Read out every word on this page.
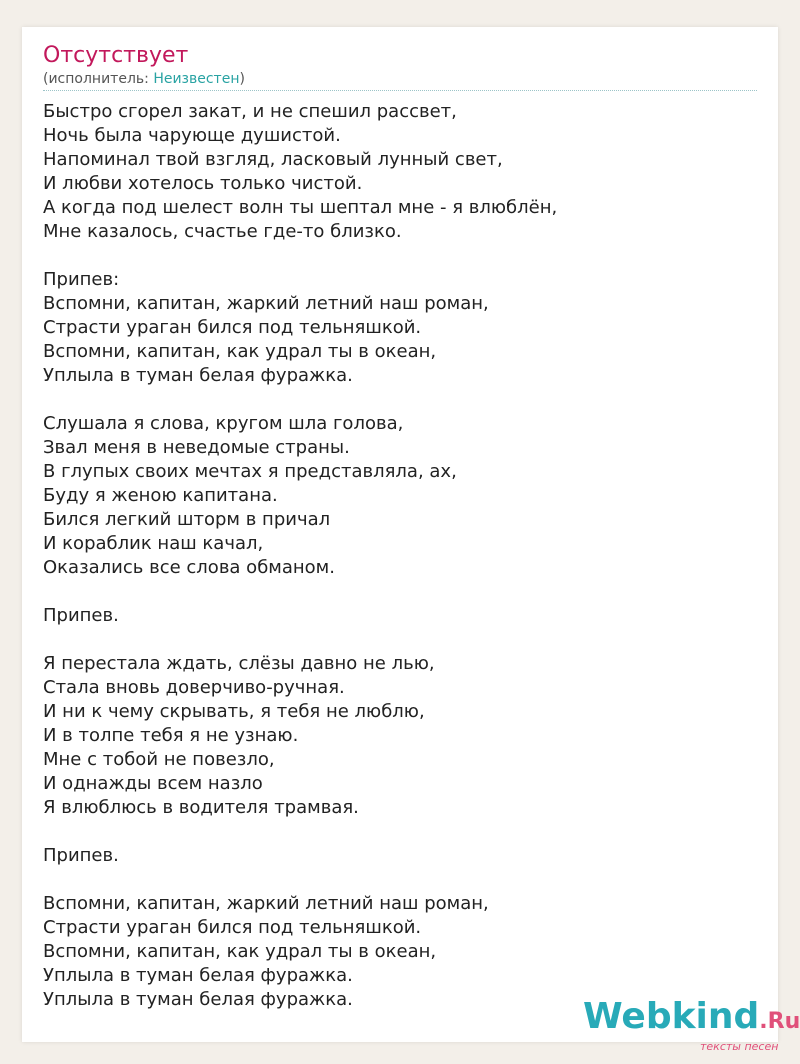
Отсутствует
(исполнитель: Неизвестен)
Быстро сгорел закат, и не спешил рассвет,
Ночь была чарующе душистой.
Напоминал твой взгляд, ласковый лунный свет,
И любви хотелось только чистой.
А когда под шелест волн ты шептал мне - я влюблён,
Мне казалось, счастье где-то близко.
Припев:
Вспомни, капитан, жаркий летний наш роман,
Страсти ураган бился под тельняшкой.
Вспомни, капитан, как удрал ты в океан,
Уплыла в туман белая фуражка.
Слушала я слова, кругом шла голова,
Звал меня в неведомые страны.
В глупых своих мечтах я представляла, ах,
Буду я женою капитана.
Бился легкий шторм в причал
И кораблик наш качал,
Оказались все слова обманом.
Припев.
Я перестала ждать, слёзы давно не лью,
Стала вновь доверчиво-ручная.
И ни к чему скрывать, я тебя не люблю,
И в толпе тебя я не узнаю.
Мне с тобой не повезло,
И однажды всем назло
Я влюблюсь в водителя трамвая.
Припев.
Вспомни, капитан, жаркий летний наш роман,
Страсти ураган бился под тельняшкой.
Вспомни, капитан, как удрал ты в океан,
Уплыла в туман белая фуражка.
Уплыла в туман белая фуражка.	Webkind.Ru
тексты песен
